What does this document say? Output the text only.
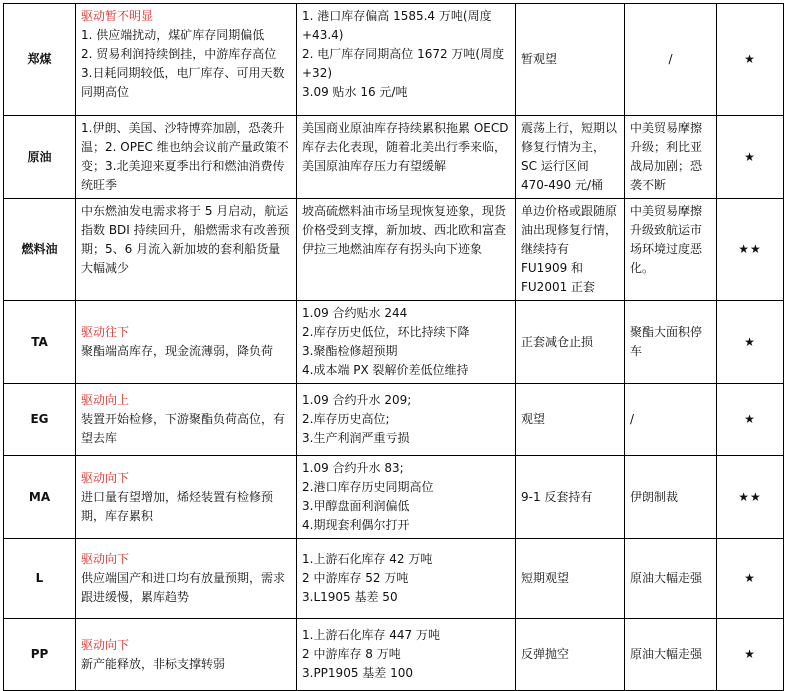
郑煤	驱动暂不明显
1. 供应端扰动，煤矿库存同期偏低
2. 贸易利润持续倒挂，中游库存高位 3.日耗同期较低，电厂库存、可用天数同期高位	1. 港口库存偏高 1585.4 万吨(周度+43.4)
2. 电厂库存同期高位 1672 万吨(周度+32)
3.09 贴水 16 元/吨	暂观望	/	★
原油	1.伊朗、美国、沙特博弈加剧，恐袭升温；2. OPEC 维也纳会议前产量政策不变；3.北美迎来夏季出行和燃油消费传统旺季	美国商业原油库存持续累积拖累 OECD 库存去化表现，随着北美出行季来临，美国原油库存压力有望缓解	震荡上行，短期以修复行情为主，SC 运行区间 470-490 元/桶	中美贸易摩擦升级；利比亚战局加剧；恐袭不断	★
燃料油	中东燃油发电需求将于 5 月启动，航运指数 BDI 持续回升，船燃需求有改善预期；5、6 月流入新加坡的套利船货量大幅减少	坡高硫燃料油市场呈现恢复迹象，现货价格受到支撑，新加坡、西北欧和富查伊拉三地燃油库存有拐头向下迹象	单边价格或跟随原油出现修复行情，继续持有 FU1909 和 FU2001 正套	中美贸易摩擦升级致航运市场环境过度恶化。	★★
TA	驱动往下
聚酯端高库存，现金流薄弱，降负荷	1.09 合约贴水 244
2.库存历史低位，环比持续下降
3.聚酯检修超预期
4.成本端 PX 裂解价差低位维持	正套减仓止损	聚酯大面积停车	★
EG	驱动向上
装置开始检修，下游聚酯负荷高位，有望去库	1.09 合约升水 209;
2.库存历史高位;
3.生产利润严重亏损	观望	/	★
MA	驱动向下
进口量有望增加，烯烃装置有检修预期，库存累积	1.09 合约升水 83;
2.港口库存历史同期高位
3.甲醇盘面利润偏低
4.期现套利偶尔打开	9-1 反套持有	伊朗制裁	★★
L	驱动向下
供应端国产和进口均有放量预期，需求跟进缓慢，累库趋势	1.上游石化库存 42 万吨
2 中游库存 52 万吨
3.L1905 基差 50	短期观望	原油大幅走强	★
PP	驱动向下
新产能释放，非标支撑转弱	1.上游石化库存 447 万吨
2 中游库存 8 万吨
3.PP1905 基差 100	反弹抛空	原油大幅走强	★
